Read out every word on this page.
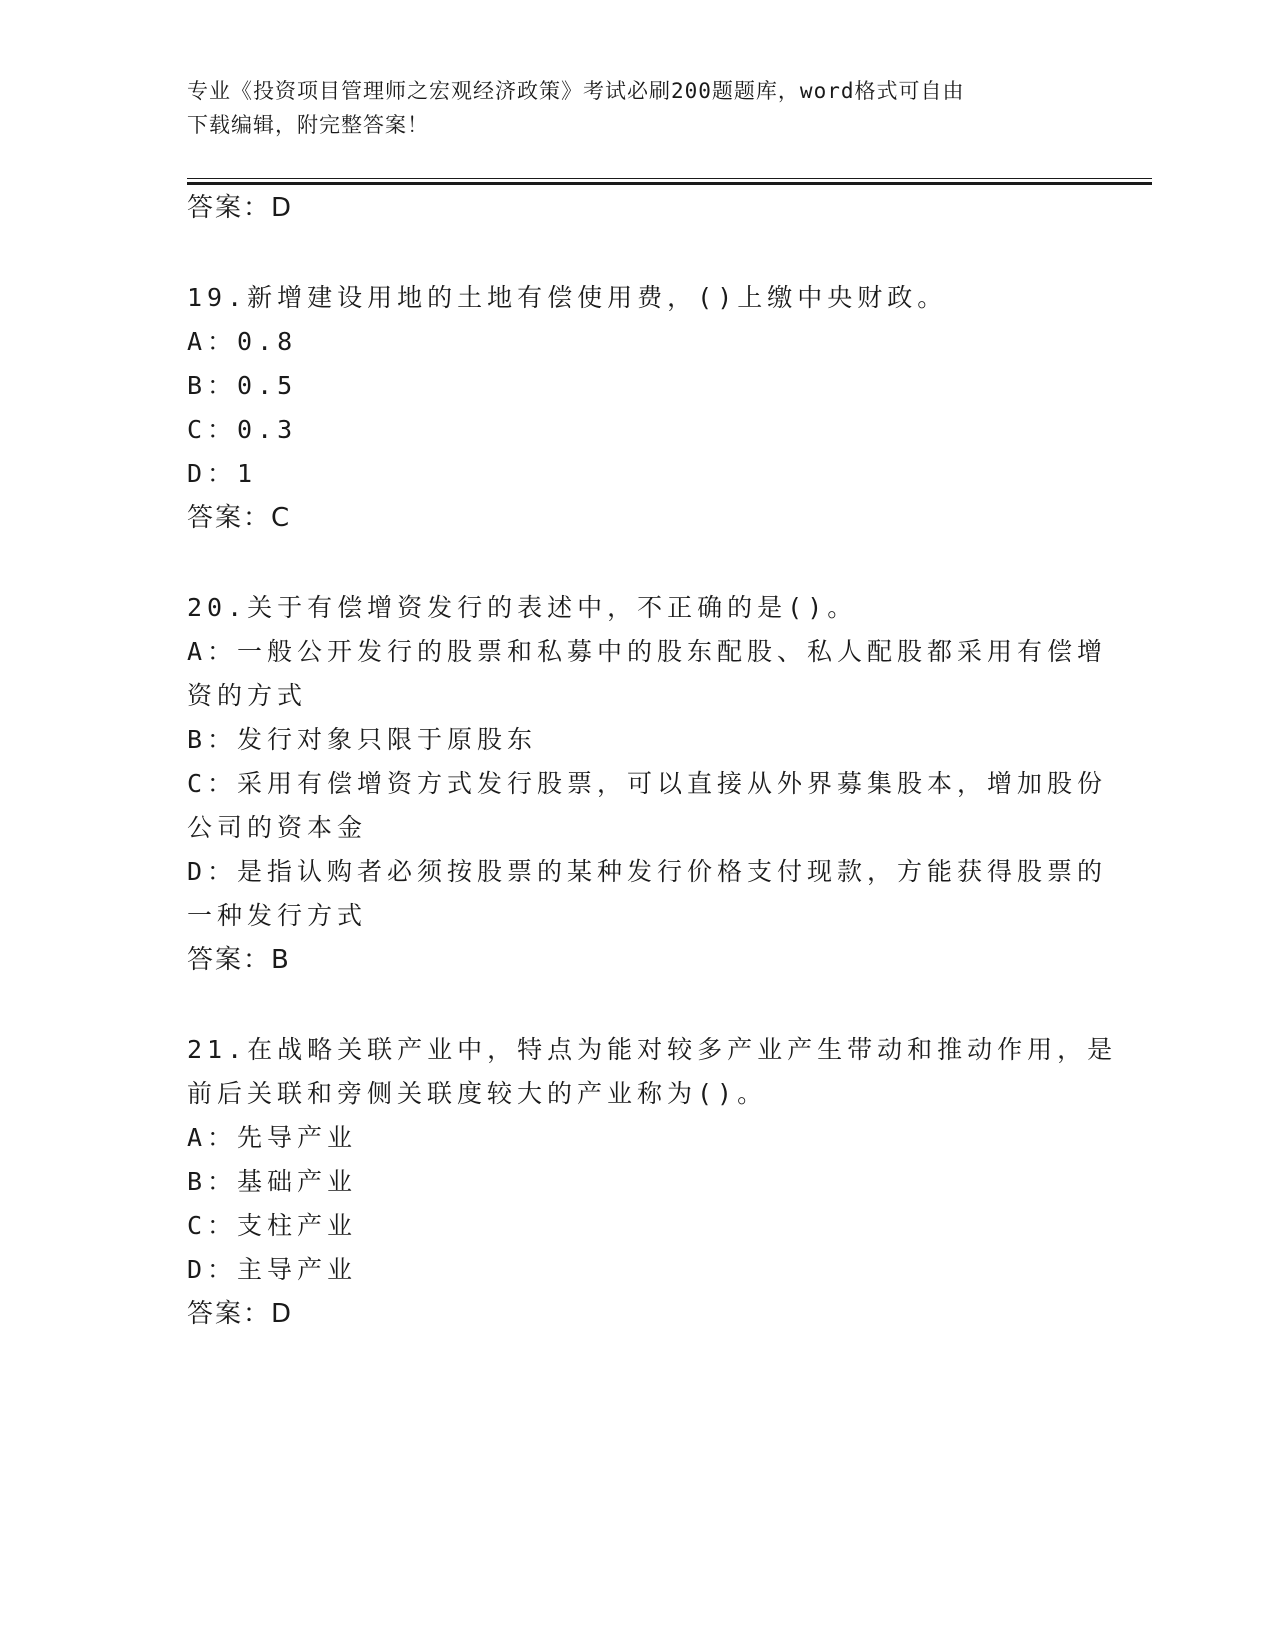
专业《投资项目管理师之宏观经济政策》考试必刷200题题库，word格式可自由
下载编辑，附完整答案！
答案：D
19.新增建设用地的土地有偿使用费，()上缴中央财政。
A：0.8
B：0.5
C：0.3
D：1
答案：C
20.关于有偿增资发行的表述中，不正确的是()。
A：一般公开发行的股票和私募中的股东配股、私人配股都采用有偿增
资的方式
B：发行对象只限于原股东
C：采用有偿增资方式发行股票，可以直接从外界募集股本，增加股份
公司的资本金
D：是指认购者必须按股票的某种发行价格支付现款，方能获得股票的
一种发行方式
答案：B
21.在战略关联产业中，特点为能对较多产业产生带动和推动作用，是
前后关联和旁侧关联度较大的产业称为()。
A：先导产业
B：基础产业
C：支柱产业
D：主导产业
答案：D
